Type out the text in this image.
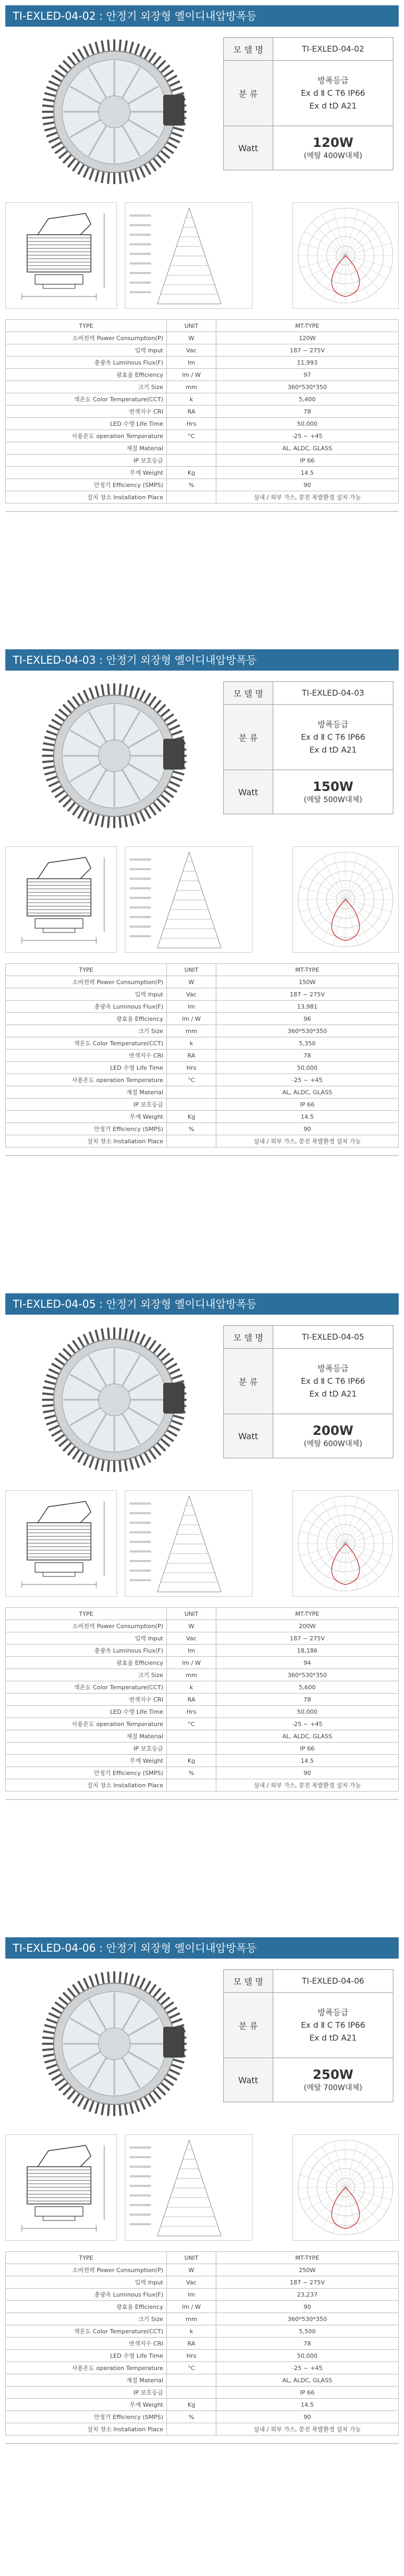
TI-EXLED-04-02 : 안정기 외장형 옐이디내압방폭등
모 델 명	TI-EXLED-04-02
분 류	방폭등급
Ex d Ⅱ C T6 IP66
Ex d tD A21

Watt	120W
(메탈 400W대체)
TYPE	UNIT	MT-TYPE
소비전력 Power Consumption(P)	W	120W
입력 Input	Vac	187 ~ 275V
총광속 Luminous Flux(F)	lm	11,993
광효율 Efficiency	lm / W	97
크기 Size	mm	360*530*350
색온도 Color Temperature(CCT)	k	5,400
연색지수 CRI	RA	78
LED 수명 Life Time	Hrs	50,000
사용온도 operation Temperature	°C	-25 ~ +45
재질 Material		AL, ALDC, GLASS
IP 보호등급		IP 66
무게 Weight	Kg	14.5
안정기 Efficiency (SMPS)	%	90
설치 장소 Installation Place		실내 / 외부 가스, 분진 폭발환경 설치 가능
TI-EXLED-04-03 : 안정기 외장형 옐이디내압방폭등
모 델 명	TI-EXLED-04-03
분 류	방폭등급
Ex d Ⅱ C T6 IP66
Ex d tD A21

Watt	150W
(메탈 500W대체)
TYPE	UNIT	MT-TYPE
소비전력 Power Consumption(P)	W	150W
입력 Input	Vac	187 ~ 275V
총광속 Luminous Flux(F)	lm	13,981
광효율 Efficiency	lm / W	96
크기 Size	mm	360*530*350
색온도 Color Temperature(CCT)	k	5,350
연색지수 CRI	RA	78
LED 수명 Life Time	Hrs	50,000
사용온도 operation Temperature	°C	-25 ~ +45
재질 Material		AL, ALDC, GLASS
IP 보호등급		IP 66
무게 Weight	Kg	14.5
안정기 Efficiency (SMPS)	%	90
설치 장소 Installation Place		실내 / 외부 가스, 분진 폭발환경 설치 가능
TI-EXLED-04-05 : 안정기 외장형 옐이디내압방폭등
모 델 명	TI-EXLED-04-05
분 류	방폭등급
Ex d Ⅱ C T6 IP66
Ex d tD A21

Watt	200W
(메탈 600W대체)
TYPE	UNIT	MT-TYPE
소비전력 Power Consumption(P)	W	200W
입력 Input	Vac	187 ~ 275V
총광속 Luminous Flux(F)	lm	18,186
광효율 Efficiency	lm / W	94
크기 Size	mm	360*530*350
색온도 Color Temperature(CCT)	k	5,600
연색지수 CRI	RA	78
LED 수명 Life Time	Hrs	50,000
사용온도 operation Temperature	°C	-25 ~ +45
재질 Material		AL, ALDC, GLASS
IP 보호등급		IP 66
무게 Weight	Kg	14.5
안정기 Efficiency (SMPS)	%	90
설치 장소 Installation Place		실내 / 외부 가스, 분진 폭발환경 설치 가능
TI-EXLED-04-06 : 안정기 외장형 옐이디내압방폭등
모 델 명	TI-EXLED-04-06
분 류	방폭등급
Ex d Ⅱ C T6 IP66
Ex d tD A21

Watt	250W
(메탈 700W대체)
TYPE	UNIT	MT-TYPE
소비전력 Power Consumption(P)	W	250W
입력 Input	Vac	187 ~ 275V
총광속 Luminous Flux(F)	lm	23,237
광효율 Efficiency	lm / W	90
크기 Size	mm	360*530*350
색온도 Color Temperature(CCT)	k	5,500
연색지수 CRI	RA	78
LED 수명 Life Time	Hrs	50,000
사용온도 operation Temperature	°C	-25 ~ +45
재질 Material		AL, ALDC, GLASS
IP 보호등급		IP 66
무게 Weight	Kg	14.5
안정기 Efficiency (SMPS)	%	90
설치 장소 Installation Place		실내 / 외부 가스, 분진 폭발환경 설치 가능
